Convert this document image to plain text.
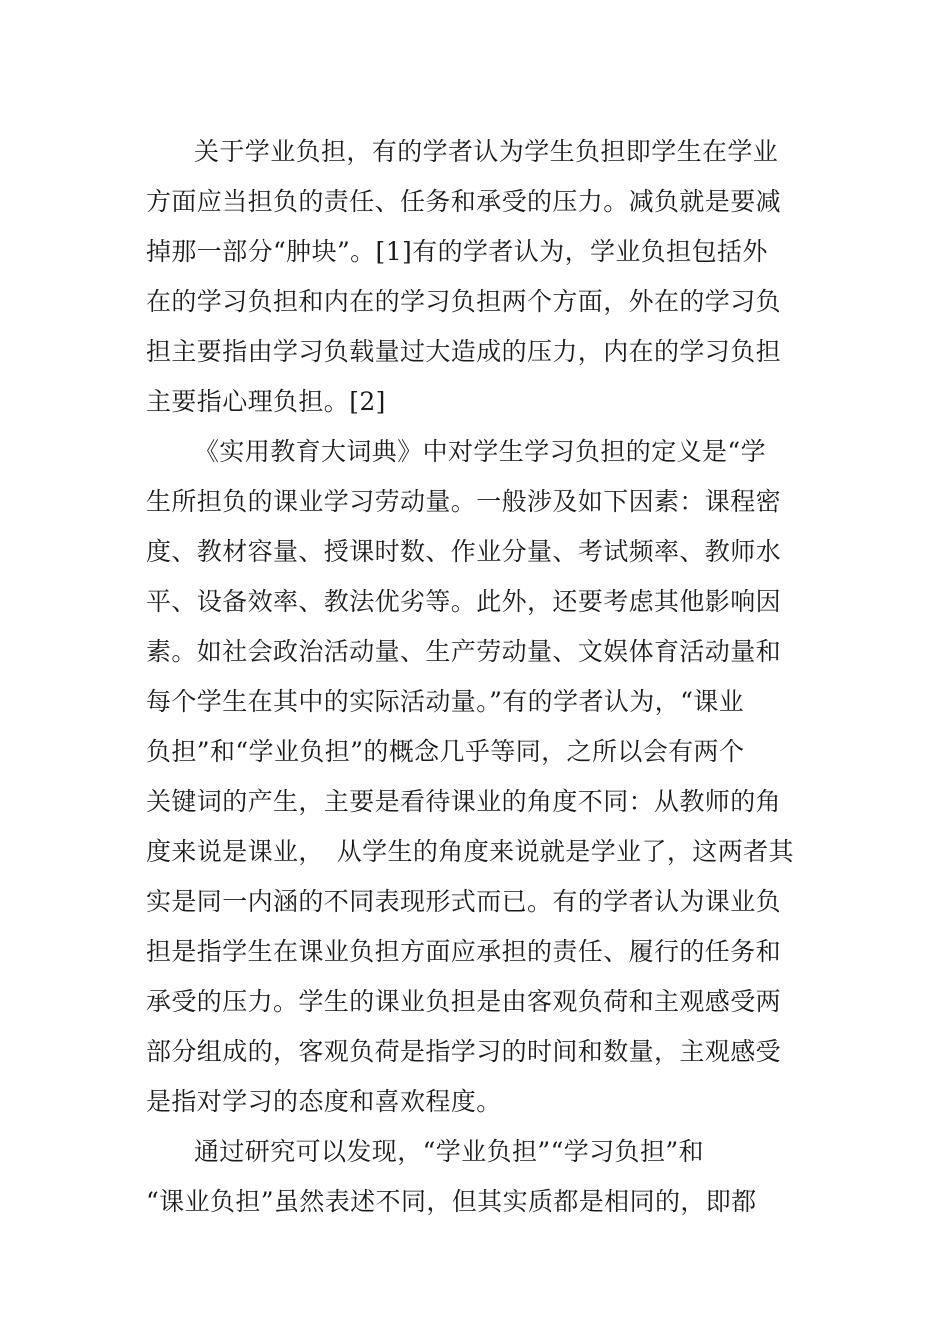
关于学业负担，有的学者认为学生负担即学生在学业

方面应当担负的责任、任务和承受的压力。减负就是要减

掉那一部分“肿块”。[1]有的学者认为，学业负担包括外

在的学习负担和内在的学习负担两个方面，外在的学习负

担主要指由学习负载量过大造成的压力，内在的学习负担

主要指心理负担。[2]

《实用教育大词典》中对学生学习负担的定义是“学

生所担负的课业学习劳动量。一般涉及如下因素：课程密

度、教材容量、授课时数、作业分量、考试频率、教师水

平、设备效率、教法优劣等。此外，还要考虑其他影响因

素。如社会政治活动量、生产劳动量、文娱体育活动量和

每个学生在其中的实际活动量。”有的学者认为，“课业

负担”和“学业负担”的概念几乎等同，之所以会有两个

关键词的产生，主要是看待课业的角度不同：从教师的角

度来说是课业，　从学生的角度来说就是学业了，这两者其

实是同一内涵的不同表现形式而已。有的学者认为课业负

担是指学生在课业负担方面应承担的责任、履行的任务和

承受的压力。学生的课业负担是由客观负荷和主观感受两

部分组成的，客观负荷是指学习的时间和数量，主观感受

是指对学习的态度和喜欢程度。

通过研究可以发现，“学业负担”“学习负担”和

“课业负担”虽然表述不同，但其实质都是相同的，即都
